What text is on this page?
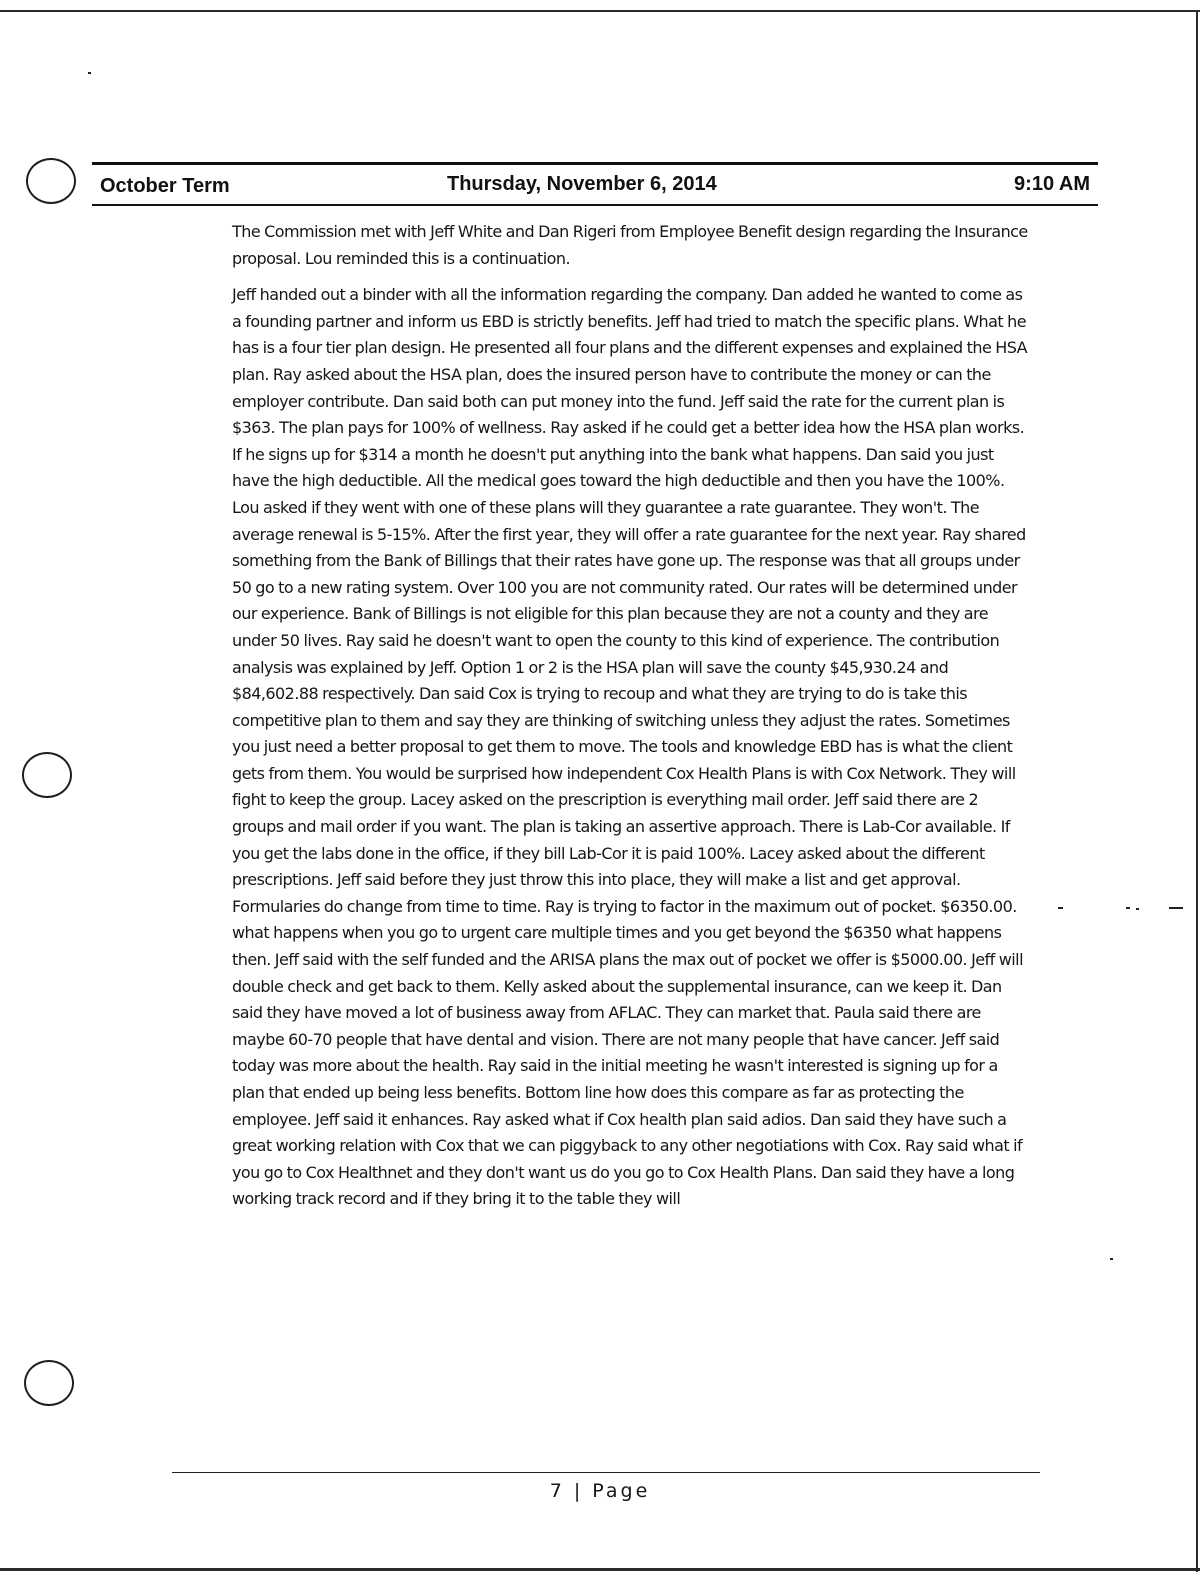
October Term	Thursday, November 6, 2014	9:10 AM

The Commission met with Jeff White and Dan Rigeri from Employee Benefit design regarding the Insurance proposal. Lou reminded this is a continuation.

Jeff handed out a binder with all the information regarding the company. Dan added he wanted to come as a founding partner and inform us EBD is strictly benefits. Jeff had tried to match the specific plans. What he has is a four tier plan design. He presented all four plans and the different expenses and explained the HSA plan. Ray asked about the HSA plan, does the insured person have to contribute the money or can the employer contribute. Dan said both can put money into the fund. Jeff said the rate for the current plan is $363. The plan pays for 100% of wellness. Ray asked if he could get a better idea how the HSA plan works. If he signs up for $314 a month he doesn't put anything into the bank what happens. Dan said you just have the high deductible. All the medical goes toward the high deductible and then you have the 100%. Lou asked if they went with one of these plans will they guarantee a rate guarantee. They won't. The average renewal is 5-15%. After the first year, they will offer a rate guarantee for the next year. Ray shared something from the Bank of Billings that their rates have gone up. The response was that all groups under 50 go to a new rating system. Over 100 you are not community rated. Our rates will be determined under our experience. Bank of Billings is not eligible for this plan because they are not a county and they are under 50 lives. Ray said he doesn't want to open the county to this kind of experience. The contribution analysis was explained by Jeff. Option 1 or 2 is the HSA plan will save the county $45,930.24 and $84,602.88 respectively. Dan said Cox is trying to recoup and what they are trying to do is take this competitive plan to them and say they are thinking of switching unless they adjust the rates. Sometimes you just need a better proposal to get them to move. The tools and knowledge EBD has is what the client gets from them. You would be surprised how independent Cox Health Plans is with Cox Network. They will fight to keep the group. Lacey asked on the prescription is everything mail order. Jeff said there are 2 groups and mail order if you want. The plan is taking an assertive approach. There is Lab-Cor available. If you get the labs done in the office, if they bill Lab-Cor it is paid 100%. Lacey asked about the different prescriptions. Jeff said before they just throw this into place, they will make a list and get approval. Formularies do change from time to time. Ray is trying to factor in the maximum out of pocket. $6350.00. what happens when you go to urgent care multiple times and you get beyond the $6350 what happens then. Jeff said with the self funded and the ARISA plans the max out of pocket we offer is $5000.00. Jeff will double check and get back to them. Kelly asked about the supplemental insurance, can we keep it. Dan said they have moved a lot of business away from AFLAC. They can market that. Paula said there are maybe 60-70 people that have dental and vision. There are not many people that have cancer. Jeff said today was more about the health. Ray said in the initial meeting he wasn't interested is signing up for a plan that ended up being less benefits. Bottom line how does this compare as far as protecting the employee. Jeff said it enhances. Ray asked what if Cox health plan said adios. Dan said they have such a great working relation with Cox that we can piggyback to any other negotiations with Cox. Ray said what if you go to Cox Healthnet and they don't want us do you go to Cox Health Plans. Dan said they have a long working track record and if they bring it to the table they will

7 | Page
